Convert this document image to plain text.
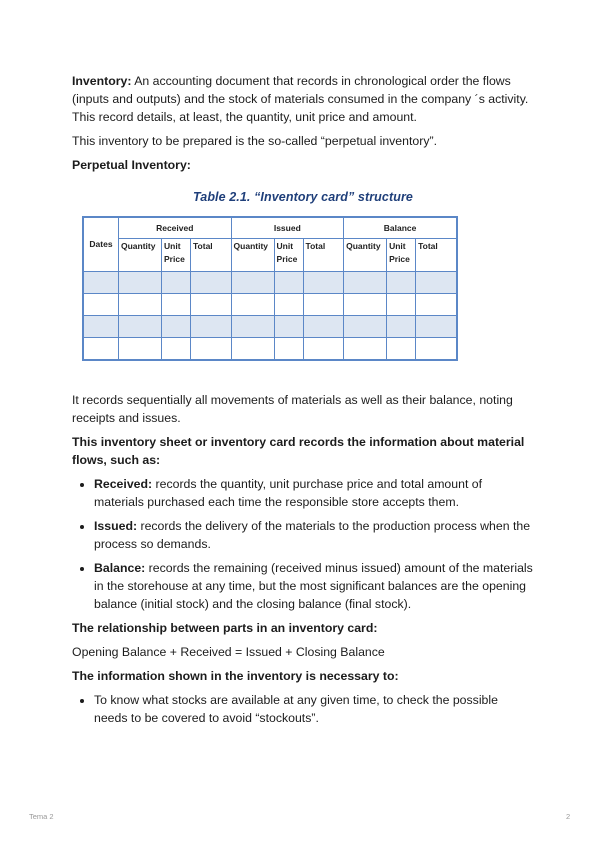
Inventory: An accounting document that records in chronological order the flows (inputs and outputs) and the stock of materials consumed in the company ´s activity. This record details, at least, the quantity, unit price and amount.

This inventory to be prepared is the so-called “perpetual inventory”.

Perpetual Inventory:

Table 2.1. “Inventory card” structure
Dates	Received			Issued			Balance		
	Quantity	Unit Price	Total	Quantity	Unit Price	Total	Quantity	Unit Price	Total

It records sequentially all movements of materials as well as their balance, noting receipts and issues.

This inventory sheet or inventory card records the information about material flows, such as:

• Received: records the quantity, unit purchase price and total amount of materials purchased each time the responsible store accepts them.
• Issued: records the delivery of the materials to the production process when the process so demands.
• Balance: records the remaining (received minus issued) amount of the materials in the storehouse at any time, but the most significant balances are the opening balance (initial stock) and the closing balance (final stock).

The relationship between parts in an inventory card:

Opening Balance + Received = Issued + Closing Balance

The information shown in the inventory is necessary to:

• To know what stocks are available at any given time, to check the possible needs to be covered to avoid “stockouts”.
Tema 2	2
